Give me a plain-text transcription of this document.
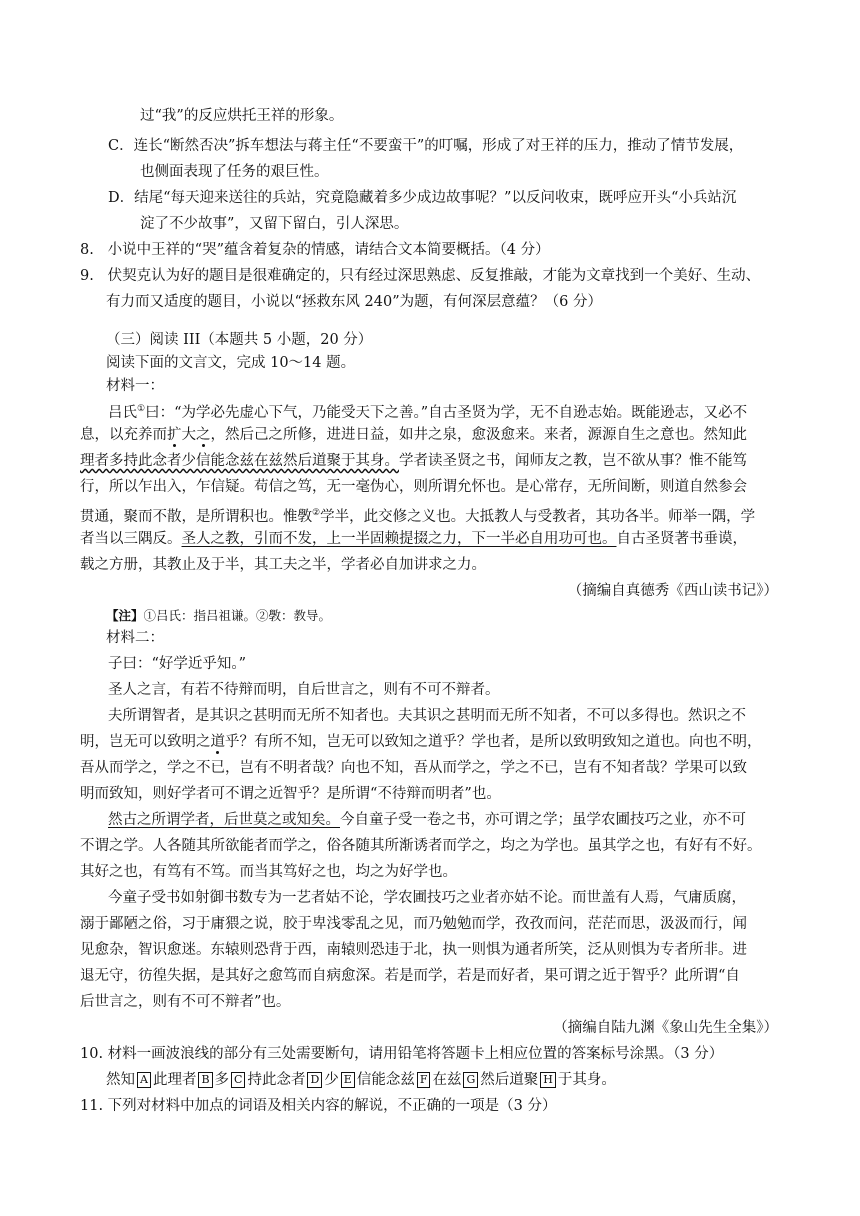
过“我”的反应烘托王祥的形象。
C．连长“断然否决”拆车想法与蒋主任“不要蛮干”的叮嘱，形成了对王祥的压力，推动了情节发展，
也侧面表现了任务的艰巨性。
D．结尾“每天迎来送往的兵站，究竟隐藏着多少成边故事呢？”以反问收束，既呼应开头“小兵站沉
淀了不少故事”，又留下留白，引人深思。
8. 小说中王祥的“哭”蕴含着复杂的情感，请结合文本简要概括。（4 分）
9. 伏契克认为好的题目是很难确定的，只有经过深思熟虑、反复推敲，才能为文章找到一个美好、生动、
有力而又适度的题目，小说以“拯救东风 240”为题，有何深层意蕴？（6 分）
（三）阅读 III（本题共 5 小题，20 分）
阅读下面的文言文，完成 10～14 题。
材料一：
吕氏①曰：“为学必先虚心下气，乃能受天下之善。”自古圣贤为学，无不自逊志始。既能逊志，又必不
息，以充养而扩大之，然后己之所修，进进日益，如井之泉，愈汲愈来。来者，源源自生之意也。然知此
理者多持此念者少信能念兹在兹然后道聚于其身。学者读圣贤之书，闻师友之教，岂不欲从事？惟不能笃
行，所以乍出入，乍信疑。苟信之笃，无一毫伪心，则所谓允怀也。是心常存，无所间断，则道自然参会
贯通，聚而不散，是所谓积也。惟斆②学半，此交修之义也。大抵教人与受教者，其功各半。师举一隅，学
者当以三隅反。圣人之教，引而不发，上一半固赖提掇之力，下一半必自用功可也。自古圣贤著书垂谟，
载之方册，其教止及于半，其工夫之半，学者必自加讲求之力。
（摘编自真德秀《西山读书记》）
【注】①吕氏：指吕祖谦。②斆：教导。
材料二：
子曰：“好学近乎知。”
圣人之言，有若不待辩而明，自后世言之，则有不可不辩者。
夫所谓智者，是其识之甚明而无所不知者也。夫其识之甚明而无所不知者，不可以多得也。然识之不
明，岂无可以致明之道乎？有所不知，岂无可以致知之道乎？学也者，是所以致明致知之道也。向也不明，
吾从而学之，学之不已，岂有不明者哉？向也不知，吾从而学之，学之不已，岂有不知者哉？学果可以致
明而致知，则好学者可不谓之近智乎？是所谓“不待辩而明者”也。
然古之所谓学者，后世莫之或知矣。今自童子受一卷之书，亦可谓之学；虽学农圃技巧之业，亦不可
不谓之学。人各随其所欲能者而学之，俗各随其所渐诱者而学之，均之为学也。虽其学之也，有好有不好。
其好之也，有笃有不笃。而当其笃好之也，均之为好学也。
今童子受书如射御书数专为一艺者姑不论，学农圃技巧之业者亦姑不论。而世盖有人焉，气庸质腐，
溺于鄙陋之俗，习于庸猥之说，胶于卑浅零乱之见，而乃勉勉而学，孜孜而问，茫茫而思，汲汲而行，闻
见愈杂，智识愈迷。东辕则恐背于西，南辕则恐违于北，执一则惧为通者所笑，泛从则惧为专者所非。进
退无守，彷徨失据，是其好之愈笃而自病愈深。若是而学，若是而好者，果可谓之近于智乎？此所谓“自
后世言之，则有不可不辩者”也。
（摘编自陆九渊《象山先生全集》）
10. 材料一画波浪线的部分有三处需要断句，请用铅笔将答题卡上相应位置的答案标号涂黑。（3 分）
然知 A 此理者 B 多 C 持此念者 D 少 E 信能念兹 F 在兹 G 然后道聚 H 于其身。
11. 下列对材料中加点的词语及相关内容的解说，不正确的一项是（3 分）
